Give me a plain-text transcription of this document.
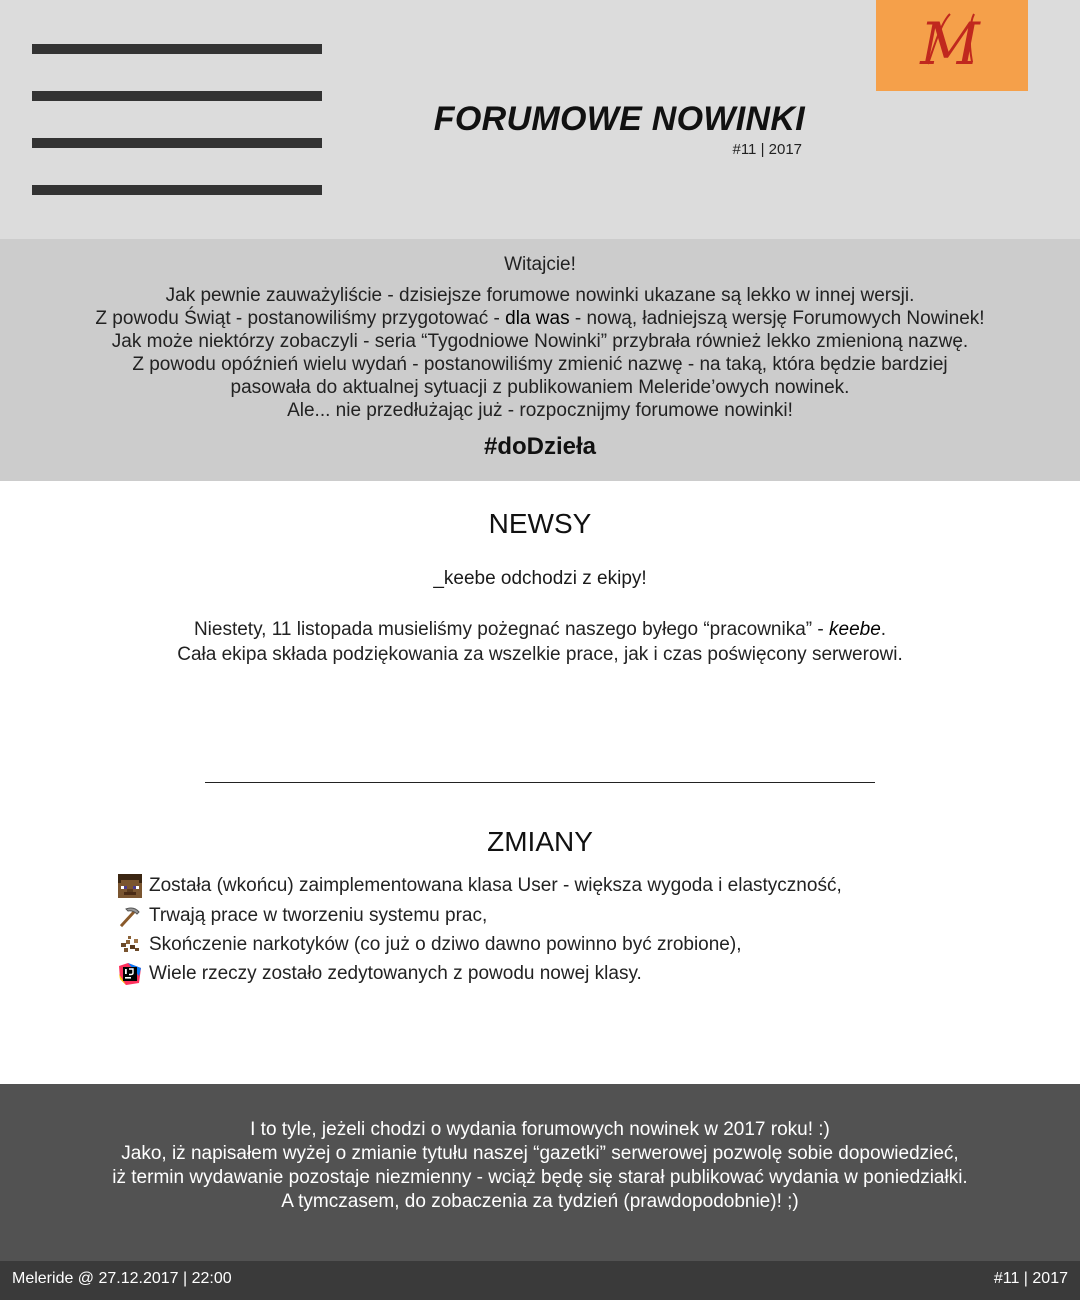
M
FORUMOWE NOWINKI
#11 | 2017
Witajcie!
Jak pewnie zauważyliście - dzisiejsze forumowe nowinki ukazane są lekko w innej wersji.
Z powodu Świąt - postanowiliśmy przygotować - dla was - nową, ładniejszą wersję Forumowych Nowinek!
Jak może niektórzy zobaczyli - seria “Tygodniowe Nowinki” przybrała również lekko zmienioną nazwę.
Z powodu opóźnień wielu wydań - postanowiliśmy zmienić nazwę - na taką, która będzie bardziej
pasowała do aktualnej sytuacji z publikowaniem Meleride’owych nowinek.
Ale... nie przedłużając już - rozpocznijmy forumowe nowinki!
#doDzieła
NEWSY
_keebe odchodzi z ekipy!
Niestety, 11 listopada musieliśmy pożegnać naszego byłego “pracownika” - keebe.
Cała ekipa składa podziękowania za wszelkie prace, jak i czas poświęcony serwerowi.
ZMIANY
Została (wkońcu) zaimplementowana klasa User - większa wygoda i elastyczność,
Trwają prace w tworzeniu systemu prac,
Skończenie narkotyków (co już o dziwo dawno powinno być zrobione),
Wiele rzeczy zostało zedytowanych z powodu nowej klasy.
I to tyle, jeżeli chodzi o wydania forumowych nowinek w 2017 roku! :)
Jako, iż napisałem wyżej o zmianie tytułu naszej “gazetki” serwerowej pozwolę sobie dopowiedzieć,
iż termin wydawanie pozostaje niezmienny - wciąż będę się starał publikować wydania w poniedziałki.
A tymczasem, do zobaczenia za tydzień (prawdopodobnie)! ;)
Meleride @ 27.12.2017 | 22:00	#11 | 2017
